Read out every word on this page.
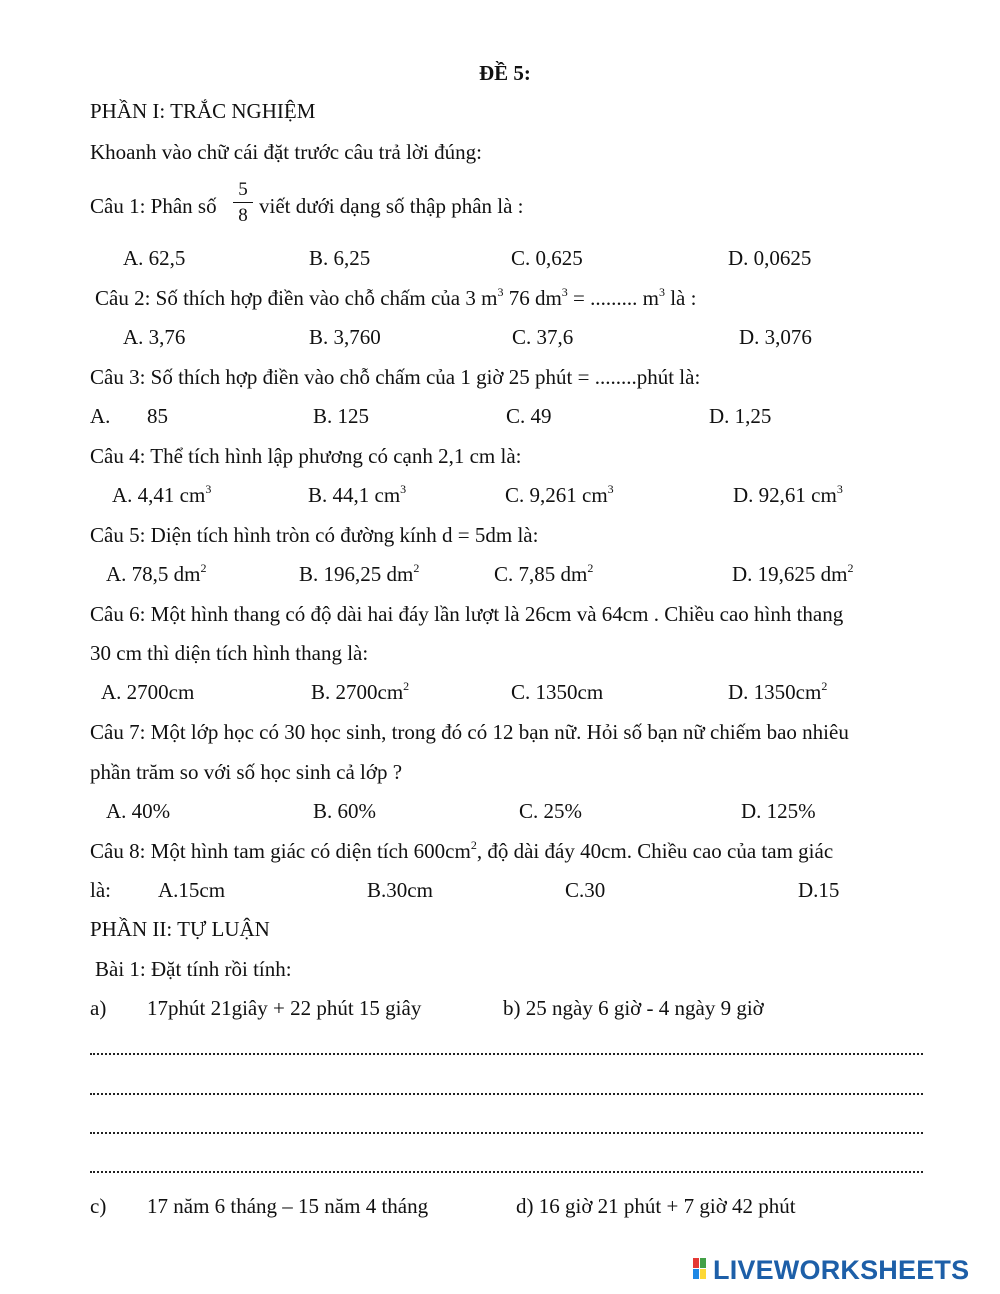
ĐỀ 5:
PHẦN I: TRẮC NGHIỆM
Khoanh vào chữ cái đặt trước câu trả lời đúng:
Câu 1: Phân số
5
8 viết dưới dạng số thập phân là :
A. 62,5	B. 6,25	C. 0,625	D. 0,0625
Câu 2: Số thích hợp điền vào chỗ chấm của 3 $m^3$ 76 $dm^3$ = ......... $m^3$ là :
A. 3,76	B. 3,760	C. 37,6	D. 3,076
Câu 3: Số thích hợp điền vào chỗ chấm của 1 giờ 25 phút = ........phút là:
A. 85	B. 125	C. 49	D. 1,25
Câu 4: Thể tích hình lập phương có cạnh 2,1 cm là:
A. 4,41 $cm^3$	B. 44,1 $cm^3$	C. 9,261 $cm^3$	D. 92,61 $cm^3$
Câu 5: Diện tích hình tròn có đường kính d = 5dm là:
A. 78,5 $dm^2$	B. 196,25 $dm^2$	C. 7,85 $dm^2$	D. 19,625 $dm^2$
Câu 6: Một hình thang có độ dài hai đáy lần lượt là 26cm và 64cm . Chiều cao hình thang
30 cm thì diện tích hình thang là:
A. 2700cm	B. $2700cm^2$	C. 1350cm	D. $1350cm^2$
Câu 7: Một lớp học có 30 học sinh, trong đó có 12 bạn nữ. Hỏi số bạn nữ chiếm bao nhiêu
phần trăm so với số học sinh cả lớp ?
A. 40%	B. 60%	C. 25%	D. 125%
Câu 8: Một hình tam giác có diện tích $600cm^2$, độ dài đáy 40cm. Chiều cao của tam giác
là: A.15cm	B.30cm	C.30	D.15
PHẦN II: TỰ LUẬN
Bài 1: Đặt tính rồi tính:
a) 17phút 21giây + 22 phút 15 giây	b) 25 ngày 6 giờ - 4 ngày 9 giờ
c) 17 năm 6 tháng – 15 năm 4 tháng	d) 16 giờ 21 phút + 7 giờ 42 phút
LIVEWORKSHEETS
